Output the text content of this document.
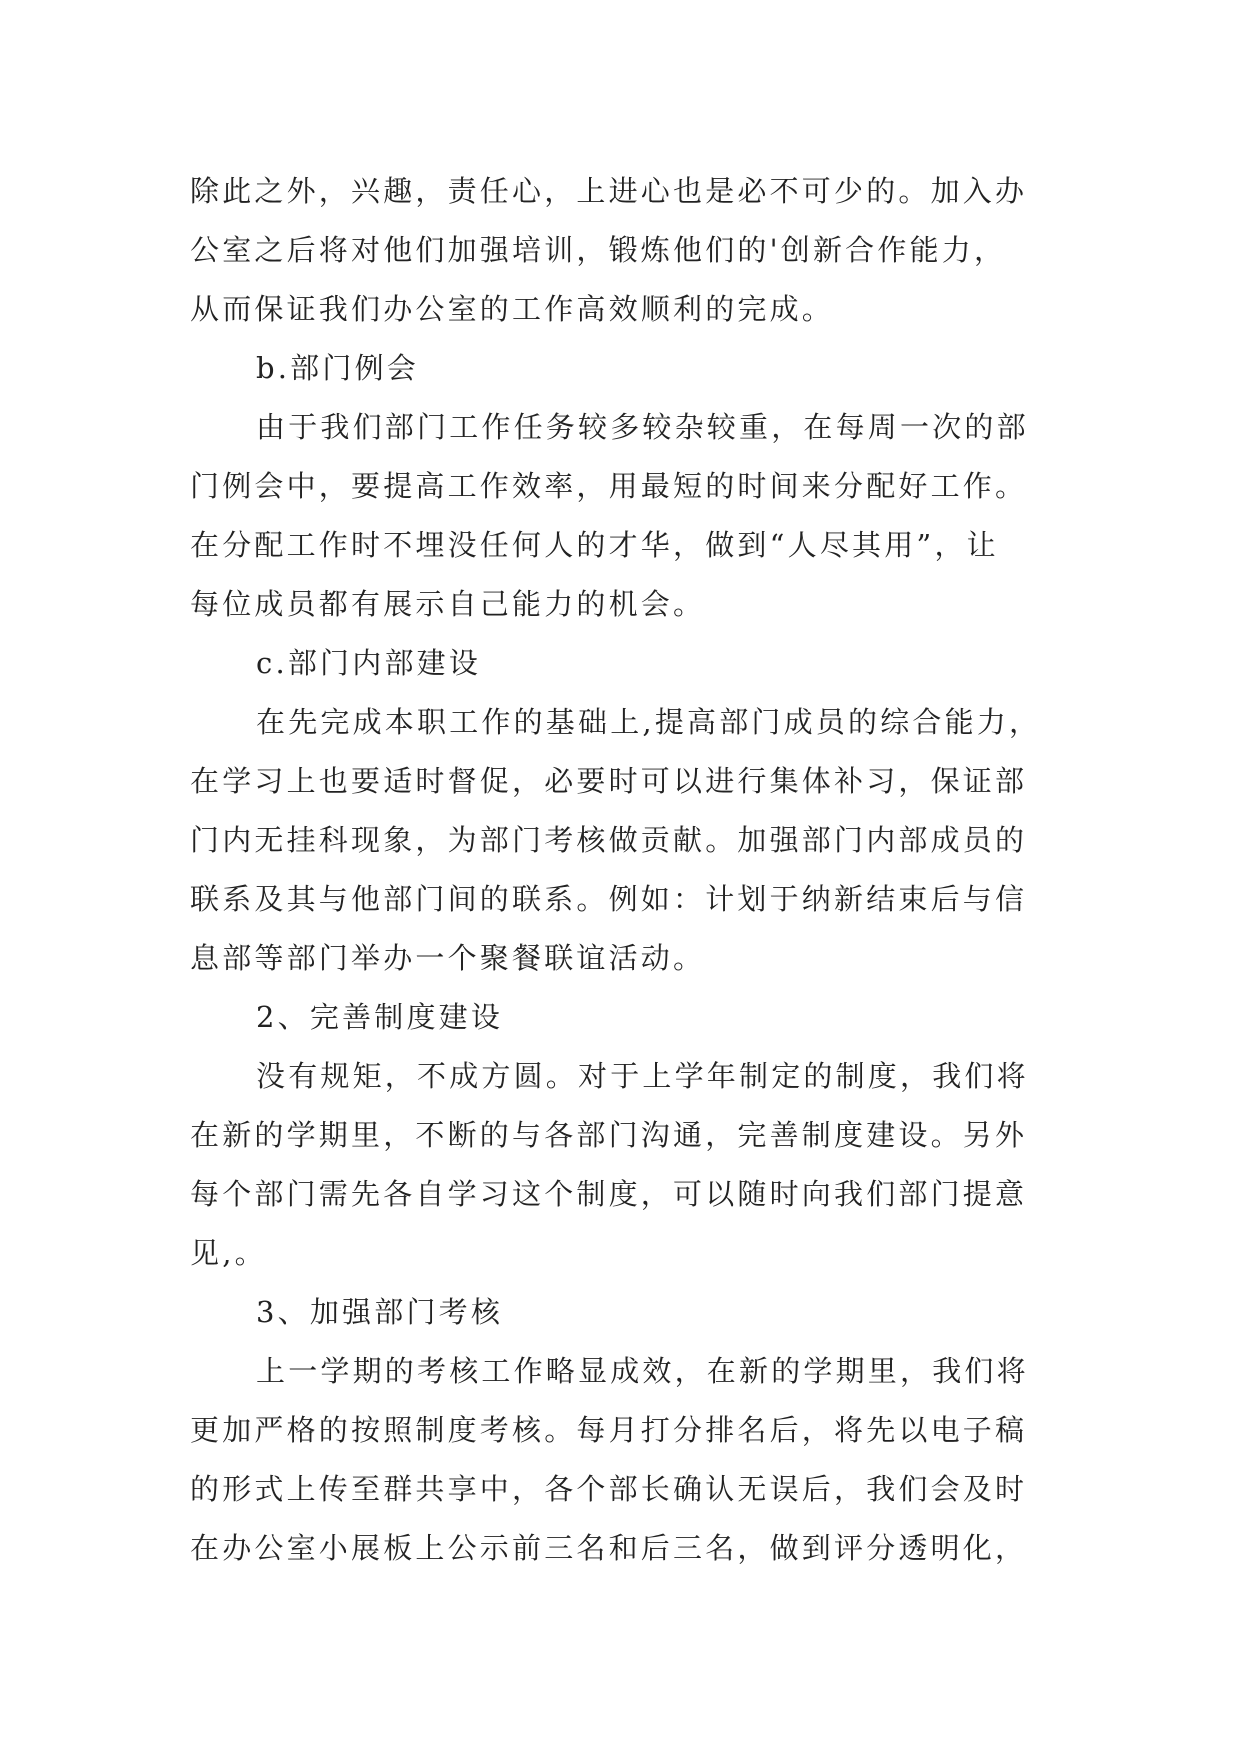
除此之外，兴趣，责任心，上进心也是必不可少的。加入办
公室之后将对他们加强培训，锻炼他们的'创新合作能力，
从而保证我们办公室的工作高效顺利的完成。
b.部门例会
由于我们部门工作任务较多较杂较重，在每周一次的部
门例会中，要提高工作效率，用最短的时间来分配好工作。
在分配工作时不埋没任何人的才华，做到“人尽其用”，让
每位成员都有展示自己能力的机会。
c.部门内部建设
在先完成本职工作的基础上,提高部门成员的综合能力，
在学习上也要适时督促，必要时可以进行集体补习，保证部
门内无挂科现象，为部门考核做贡献。加强部门内部成员的
联系及其与他部门间的联系。例如：计划于纳新结束后与信
息部等部门举办一个聚餐联谊活动。
2、完善制度建设
没有规矩，不成方圆。对于上学年制定的制度，我们将
在新的学期里，不断的与各部门沟通，完善制度建设。另外
每个部门需先各自学习这个制度，可以随时向我们部门提意
见,。
3、加强部门考核
上一学期的考核工作略显成效，在新的学期里，我们将
更加严格的按照制度考核。每月打分排名后，将先以电子稿
的形式上传至群共享中，各个部长确认无误后，我们会及时
在办公室小展板上公示前三名和后三名，做到评分透明化，
